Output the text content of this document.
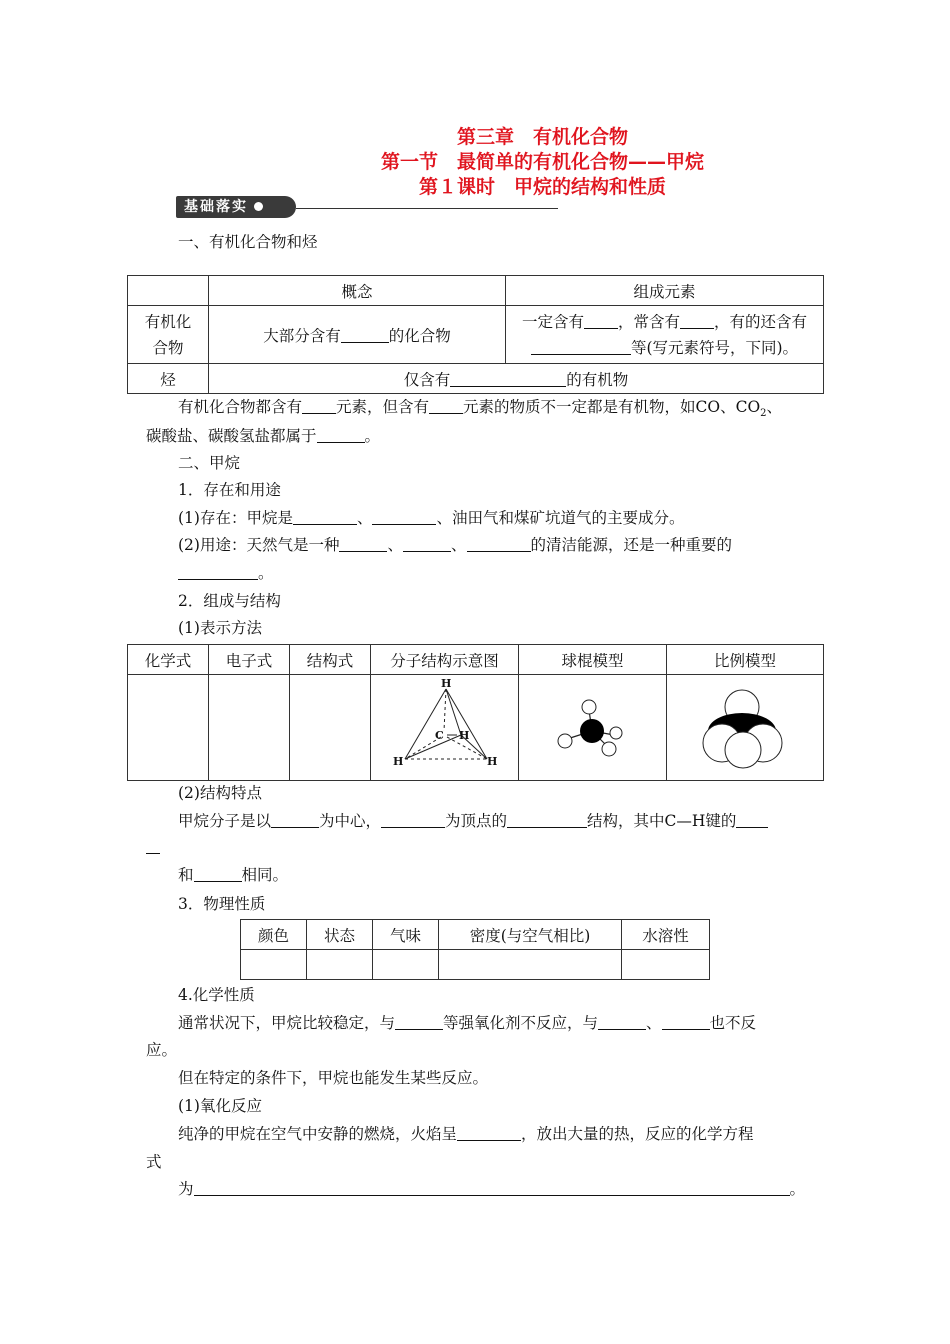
第三章　有机化合物
第一节　最简单的有机化合物——甲烷
第１课时　甲烷的结构和性质
基础落实
一、有机化合物和烃
	概念	组成元素
有机化
合物	大部分含有 的化合物	一定含有 ，常含有 ，有的还含有
等(写元素符号，下同)。
烃	仅含有 的有机物	
有机化合物都含有 元素，但含有 元素的物质不一定都是有机物，如CO、$CO_2$、
碳酸盐、碳酸氢盐都属于	。
二、甲烷
1．存在和用途
(1)存在：甲烷是	、	、油田气和煤矿坑道气的主要成分。
(2)用途：天然气是一种	、	、	的清洁能源，还是一种重要的
。
2．组成与结构
(1)表示方法
化学式	电子式	结构式	分子结构示意图	球棍模型	比例模型

H
C H
H H

(2)结构特点
甲烷分子是以	为中心，	为顶点的	结构，其中C—H键的
和	相同。
3．物理性质
颜色	状态	气味	密度(与空气相比)	水溶性

4.化学性质
通常状况下，甲烷比较稳定，与	等强氧化剂不反应，与	、	也不反
应。
但在特定的条件下，甲烷也能发生某些反应。
(1)氧化反应
纯净的甲烷在空气中安静的燃烧，火焰呈	，放出大量的热，反应的化学方程
式
为	。
